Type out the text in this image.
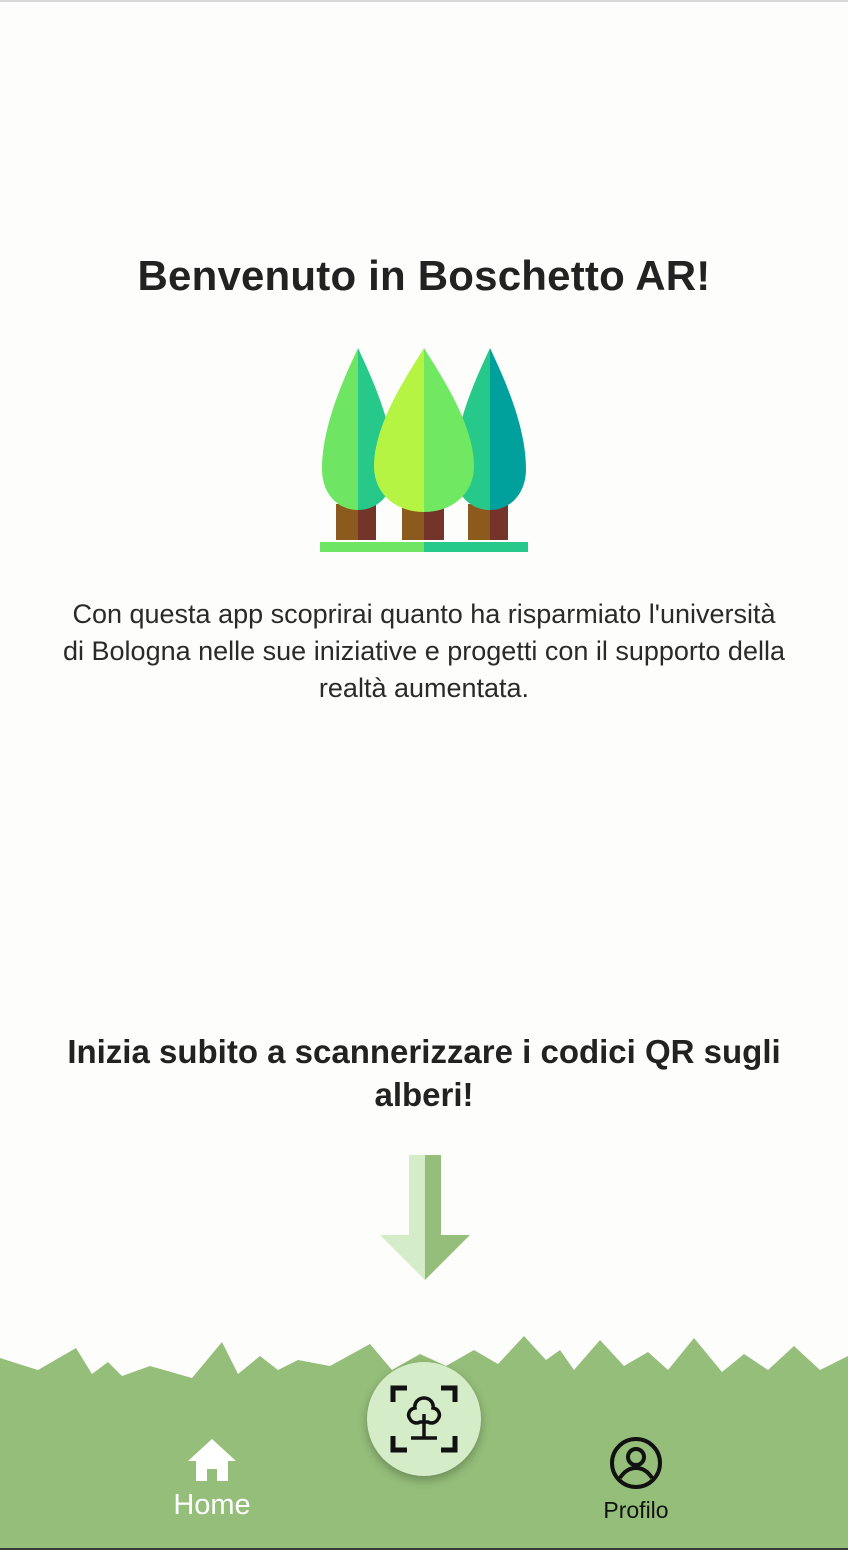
Benvenuto in Boschetto AR!

Con questa app scoprirai quanto ha risparmiato l'università di Bologna nelle sue iniziative e progetti con il supporto della realtà aumentata.

Inizia subito a scannerizzare i codici QR sugli alberi!

Home	Profilo
